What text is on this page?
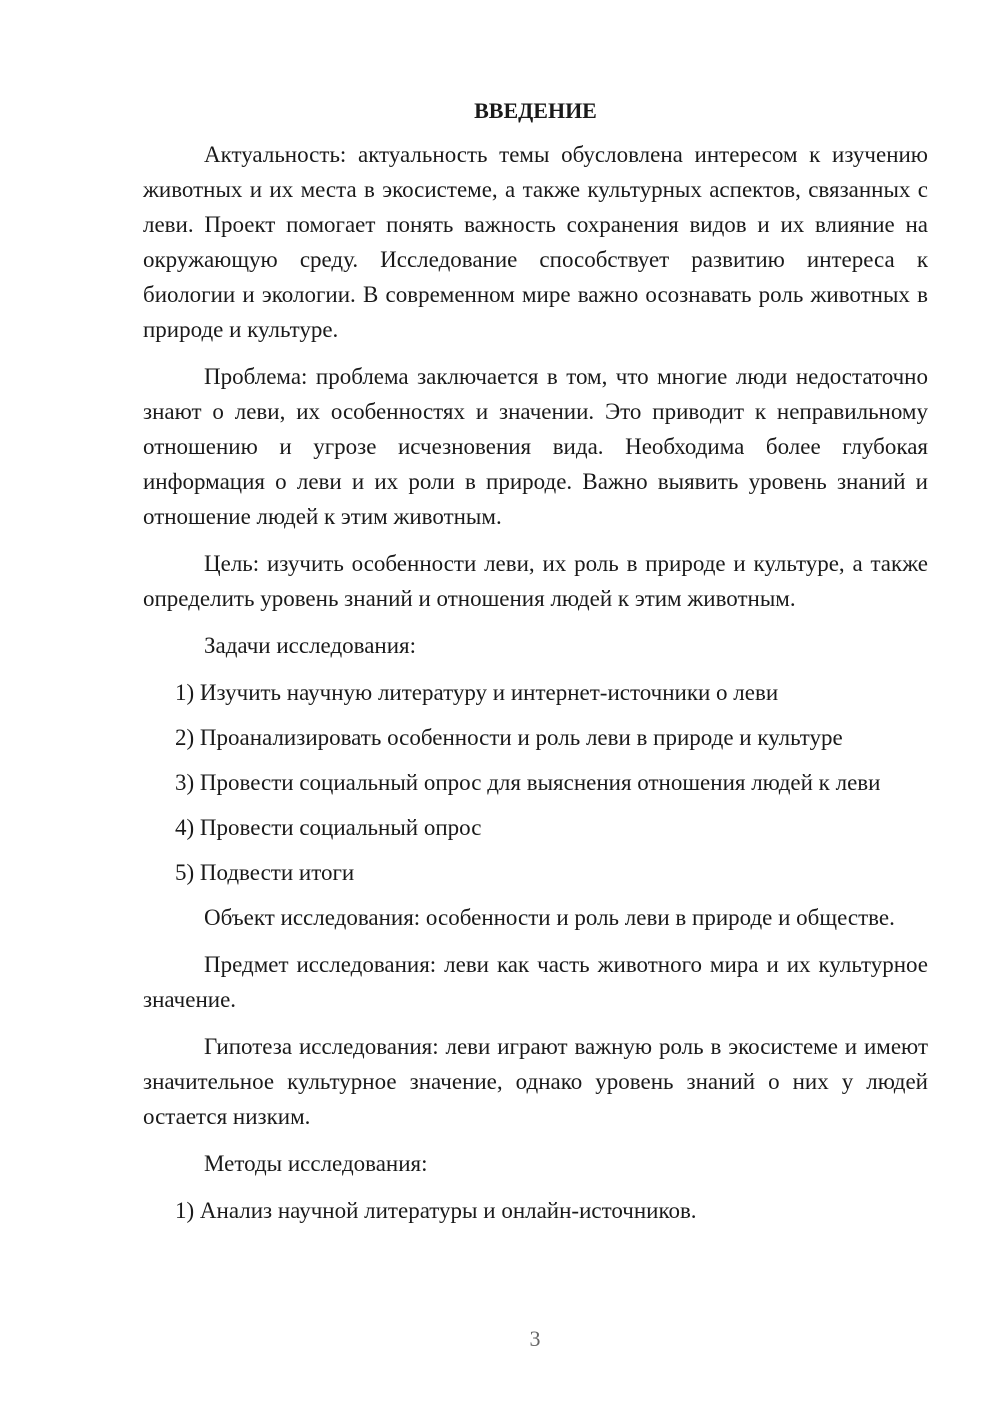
ВВЕДЕНИЕ

Актуальность: актуальность темы обусловлена интересом к изучению животных и их места в экосистеме, а также культурных аспектов, связанных с леви. Проект помогает понять важность сохранения видов и их влияние на окружающую среду. Исследование способствует развитию интереса к биологии и экологии. В современном мире важно осознавать роль животных в природе и культуре.

Проблема: проблема заключается в том, что многие люди недостаточно знают о леви, их особенностях и значении. Это приводит к неправильному отношению и угрозе исчезновения вида. Необходима более глубокая информация о леви и их роли в природе. Важно выявить уровень знаний и отношение людей к этим животным.

Цель: изучить особенности леви, их роль в природе и культуре, а также определить уровень знаний и отношения людей к этим животным.

Задачи исследования:

1) Изучить научную литературу и интернет-источники о леви

2) Проанализировать особенности и роль леви в природе и культуре

3) Провести социальный опрос для выяснения отношения людей к леви

4) Провести социальный опрос

5) Подвести итоги

Объект исследования: особенности и роль леви в природе и обществе.

Предмет исследования: леви как часть животного мира и их культурное значение.

Гипотеза исследования: леви играют важную роль в экосистеме и имеют значительное культурное значение, однако уровень знаний о них у людей остается низким.

Методы исследования:

1) Анализ научной литературы и онлайн-источников.

3
